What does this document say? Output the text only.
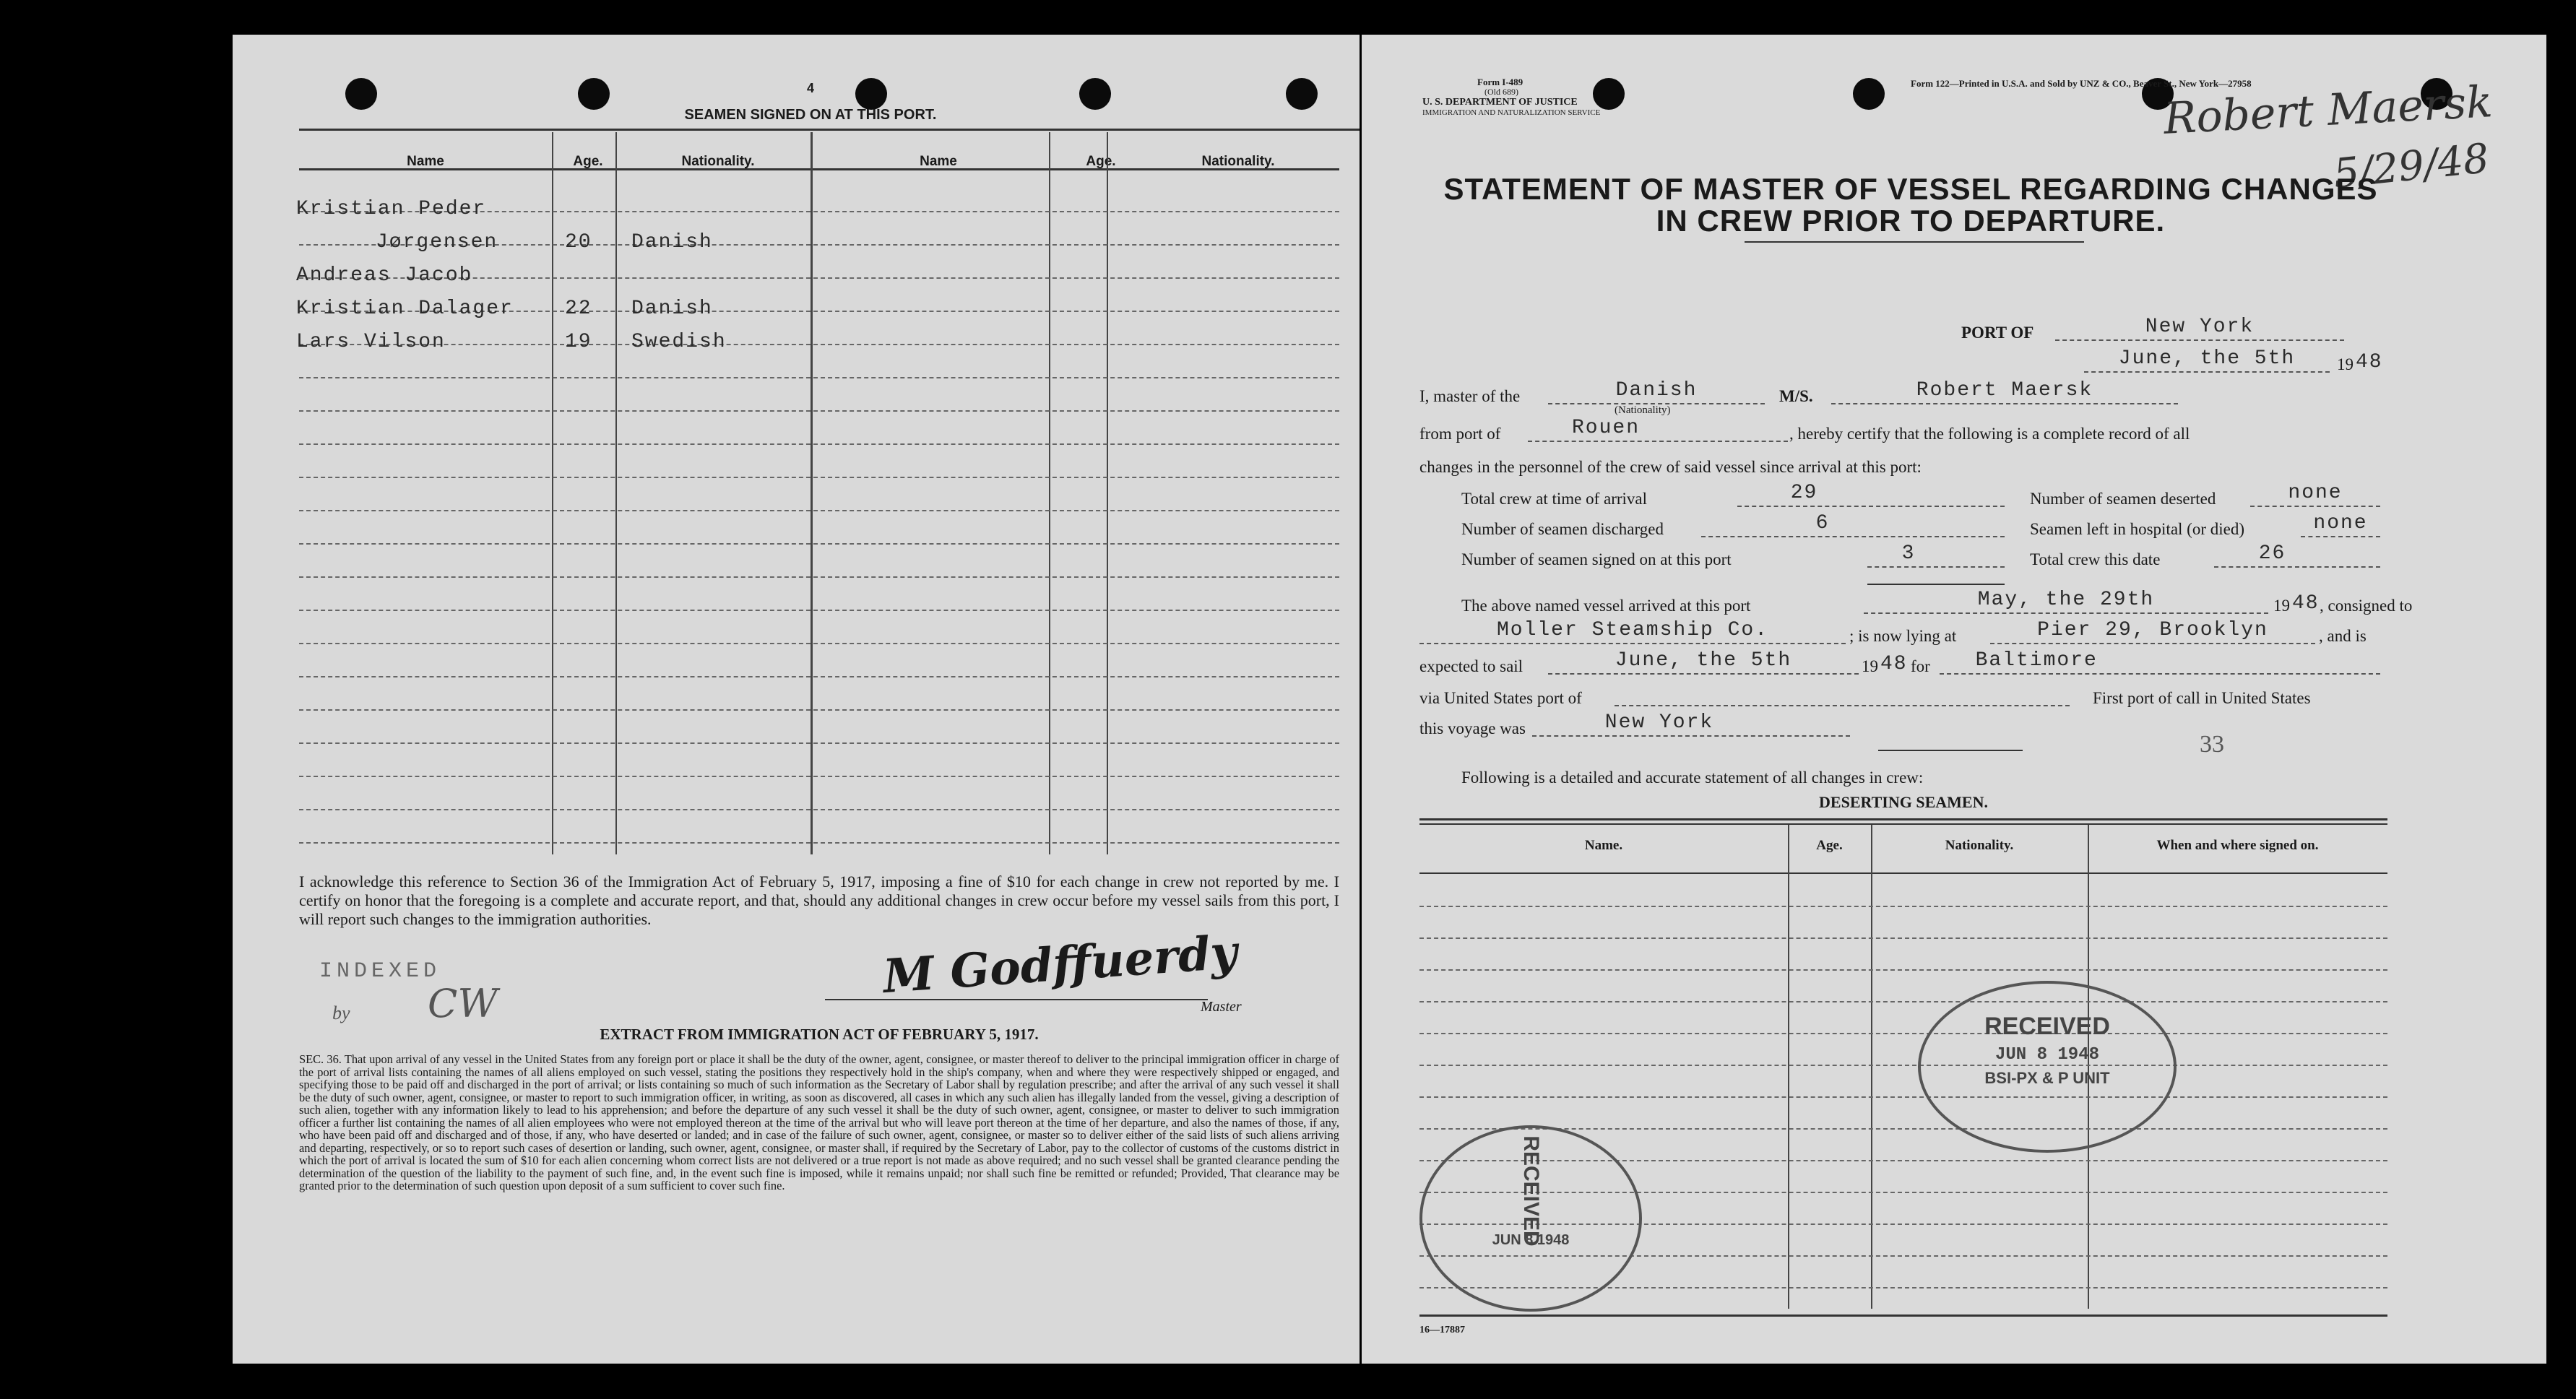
4
SEAMEN SIGNED ON AT THIS PORT.
Name	Age.	Nationality.	Name	Age.	Nationality.
Kristian Peder
Jørgensen	20 Danish
Andreas Jacob
Kristian Dalager	22 Danish
Lars Vilson	19 Swedish
I acknowledge this reference to Section 36 of the Immigration Act of February 5, 1917, imposing a fine of $10 for each change in crew not reported by me. I certify on honor that the foregoing is a complete and accurate report, and that, should any additional changes in crew occur before my vessel sails from this port, I will report such changes to the immigration authorities.
INDEXED
by CW	M Godffuerdy
Master
EXTRACT FROM IMMIGRATION ACT OF FEBRUARY 5, 1917.
SEC. 36. That upon arrival of any vessel in the United States from any foreign port or place it shall be the duty of the owner, agent, consignee, or master thereof to deliver to the principal immigration officer in charge of the port of arrival lists containing the names of all aliens employed on such vessel, stating the positions they respectively hold in the ship's company, when and where they were respectively shipped or engaged, and specifying those to be paid off and discharged in the port of arrival; or lists containing so much of such information as the Secretary of Labor shall by regulation prescribe; and after the arrival of any such vessel it shall be the duty of such owner, agent, consignee, or master to report to such immigration officer, in writing, as soon as discovered, all cases in which any such alien has illegally landed from the vessel, giving a description of such alien, together with any information likely to lead to his apprehension; and before the departure of any such vessel it shall be the duty of such owner, agent, consignee, or master to deliver to such immigration officer a further list containing the names of all alien employees who were not employed thereon at the time of the arrival but who will leave port thereon at the time of her departure, and also the names of those, if any, who have been paid off and discharged and of those, if any, who have deserted or landed; and in case of the failure of such owner, agent, consignee, or master so to deliver either of the said lists of such aliens arriving and departing, respectively, or so to report such cases of desertion or landing, such owner, agent, consignee, or master shall, if required by the Secretary of Labor, pay to the collector of customs of the customs district in which the port of arrival is located the sum of $10 for each alien concerning whom correct lists are not delivered or a true report is not made as above required; and no such vessel shall be granted clearance pending the determination of the question of the liability to the payment of such fine, and, in the event such fine is imposed, while it remains unpaid; nor shall such fine be remitted or refunded; Provided, That clearance may be granted prior to the determination of such question upon deposit of a sum sufficient to cover such fine.
Form I-489
(Old 689)
U. S. DEPARTMENT OF JUSTICE
IMMIGRATION AND NATURALIZATION SERVICE
Form 122—Printed in U.S.A. and Sold by UNZ & CO., Beaver St., New York—27958
Robert Maersk
5/29/48
STATEMENT OF MASTER OF VESSEL REGARDING CHANGES
IN CREW PRIOR TO DEPARTURE.
PORT OF	New York
June, the 5th	19 48
I, master of the	Danish
(Nationality)
M/S.	Robert Maersk
from port of	Rouen	, hereby certify that the following is a complete record of all
changes in the personnel of the crew of said vessel since arrival at this port:
Total crew at time of arrival	29	Number of seamen deserted	none
Number of seamen discharged	6	Seamen left in hospital (or died)	none
Number of seamen signed on at this port	3	Total crew this date	26
The above named vessel arrived at this port	May, the 29th	19 48 , consigned to
Moller Steamship Co.	; is now lying at	Pier 29, Brooklyn	, and is
expected to sail	June, the 5th	19 48 for Baltimore
via United States port of	First port of call in United States
this voyage was	New York
33
Following is a detailed and accurate statement of all changes in crew:
DESERTING SEAMEN.
Name.	Age.	Nationality.	When and where signed on.
RECEIVED
JUN 8 1948
BSI-PX & P UNIT
RECEIVED
JUN 8 1948
16—17887
